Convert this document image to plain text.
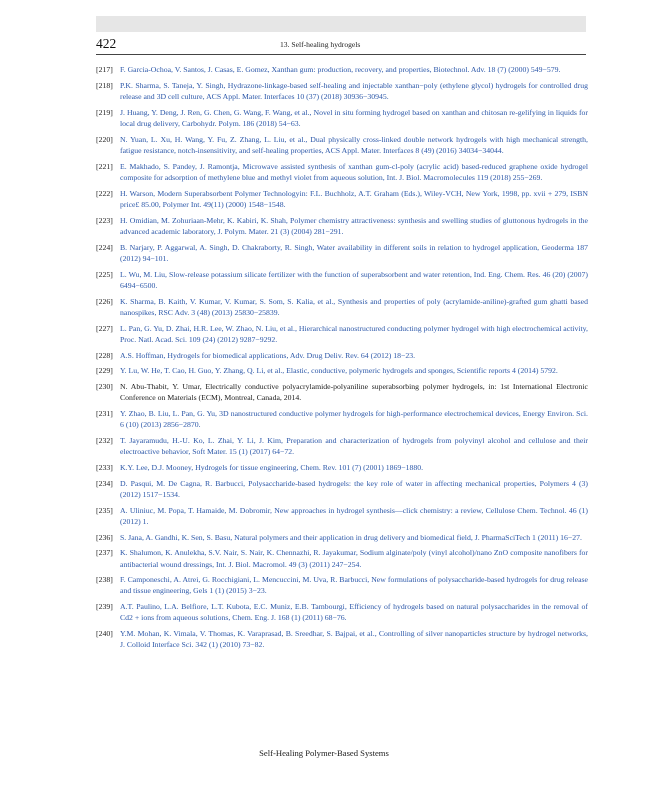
422	13. Self-healing hydrogels
[217] F. Garcia-Ochoa, V. Santos, J. Casas, E. Gomez, Xanthan gum: production, recovery, and properties, Biotechnol. Adv. 18 (7) (2000) 549−579.
[218] P.K. Sharma, S. Taneja, Y. Singh, Hydrazone-linkage-based self-healing and injectable xanthan−poly (ethylene glycol) hydrogels for controlled drug release and 3D cell culture, ACS Appl. Mater. Interfaces 10 (37) (2018) 30936−30945.
[219] J. Huang, Y. Deng, J. Ren, G. Chen, G. Wang, F. Wang, et al., Novel in situ forming hydrogel based on xanthan and chitosan re-gelifying in liquids for local drug delivery, Carbohydr. Polym. 186 (2018) 54−63.
[220] N. Yuan, L. Xu, H. Wang, Y. Fu, Z. Zhang, L. Liu, et al., Dual physically cross-linked double network hydrogels with high mechanical strength, fatigue resistance, notch-insensitivity, and self-healing properties, ACS Appl. Mater. Interfaces 8 (49) (2016) 34034−34044.
[221] E. Makhado, S. Pandey, J. Ramontja, Microwave assisted synthesis of xanthan gum-cl-poly (acrylic acid) based-reduced graphene oxide hydrogel composite for adsorption of methylene blue and methyl violet from aqueous solution, Int. J. Biol. Macromolecules 119 (2018) 255−269.
[222] H. Warson, Modern Superabsorbent Polymer Technologyin: F.L. Buchholz, A.T. Graham (Eds.), Wiley-VCH, New York, 1998, pp. xvii + 279, ISBN price£ 85.00, Polymer Int. 49(11) (2000) 1548−1548.
[223] H. Omidian, M. Zohuriaan-Mehr, K. Kabiri, K. Shah, Polymer chemistry attractiveness: synthesis and swelling studies of gluttonous hydrogels in the advanced academic laboratory, J. Polym. Mater. 21 (3) (2004) 281−291.
[224] B. Narjary, P. Aggarwal, A. Singh, D. Chakraborty, R. Singh, Water availability in different soils in relation to hydrogel application, Geoderma 187 (2012) 94−101.
[225] L. Wu, M. Liu, Slow-release potassium silicate fertilizer with the function of superabsorbent and water retention, Ind. Eng. Chem. Res. 46 (20) (2007) 6494−6500.
[226] K. Sharma, B. Kaith, V. Kumar, V. Kumar, S. Som, S. Kalia, et al., Synthesis and properties of poly (acrylamide-aniline)-grafted gum ghatti based nanospikes, RSC Adv. 3 (48) (2013) 25830−25839.
[227] L. Pan, G. Yu, D. Zhai, H.R. Lee, W. Zhao, N. Liu, et al., Hierarchical nanostructured conducting polymer hydrogel with high electrochemical activity, Proc. Natl. Acad. Sci. 109 (24) (2012) 9287−9292.
[228] A.S. Hoffman, Hydrogels for biomedical applications, Adv. Drug Deliv. Rev. 64 (2012) 18−23.
[229] Y. Lu, W. He, T. Cao, H. Guo, Y. Zhang, Q. Li, et al., Elastic, conductive, polymeric hydrogels and sponges, Scientific reports 4 (2014) 5792.
[230] N. Abu-Thabit, Y. Umar, Electrically conductive polyacrylamide-polyaniline superabsorbing polymer hydrogels, in: 1st International Electronic Conference on Materials (ECM), Montreal, Canada, 2014.
[231] Y. Zhao, B. Liu, L. Pan, G. Yu, 3D nanostructured conductive polymer hydrogels for high-performance electrochemical devices, Energy Environ. Sci. 6 (10) (2013) 2856−2870.
[232] T. Jayaramudu, H.-U. Ko, L. Zhai, Y. Li, J. Kim, Preparation and characterization of hydrogels from polyvinyl alcohol and cellulose and their electroactive behavior, Soft Mater. 15 (1) (2017) 64−72.
[233] K.Y. Lee, D.J. Mooney, Hydrogels for tissue engineering, Chem. Rev. 101 (7) (2001) 1869−1880.
[234] D. Pasqui, M. De Cagna, R. Barbucci, Polysaccharide-based hydrogels: the key role of water in affecting mechanical properties, Polymers 4 (3) (2012) 1517−1534.
[235] A. Uliniuc, M. Popa, T. Hamaide, M. Dobromir, New approaches in hydrogel synthesis—click chemistry: a review, Cellulose Chem. Technol. 46 (1) (2012) 1.
[236] S. Jana, A. Gandhi, K. Sen, S. Basu, Natural polymers and their application in drug delivery and biomedical field, J. PharmaSciTech 1 (2011) 16−27.
[237] K. Shalumon, K. Anulekha, S.V. Nair, S. Nair, K. Chennazhi, R. Jayakumar, Sodium alginate/poly (vinyl alcohol)/nano ZnO composite nanofibers for antibacterial wound dressings, Int. J. Biol. Macromol. 49 (3) (2011) 247−254.
[238] F. Camponeschi, A. Atrei, G. Rocchigiani, L. Mencuccini, M. Uva, R. Barbucci, New formulations of polysaccharide-based hydrogels for drug release and tissue engineering, Gels 1 (1) (2015) 3−23.
[239] A.T. Paulino, L.A. Belfiore, L.T. Kubota, E.C. Muniz, E.B. Tambourgi, Efficiency of hydrogels based on natural polysaccharides in the removal of Cd2 + ions from aqueous solutions, Chem. Eng. J. 168 (1) (2011) 68−76.
[240] Y.M. Mohan, K. Vimala, V. Thomas, K. Varaprasad, B. Sreedhar, S. Bajpai, et al., Controlling of silver nanoparticles structure by hydrogel networks, J. Colloid Interface Sci. 342 (1) (2010) 73−82.
Self-Healing Polymer-Based Systems
